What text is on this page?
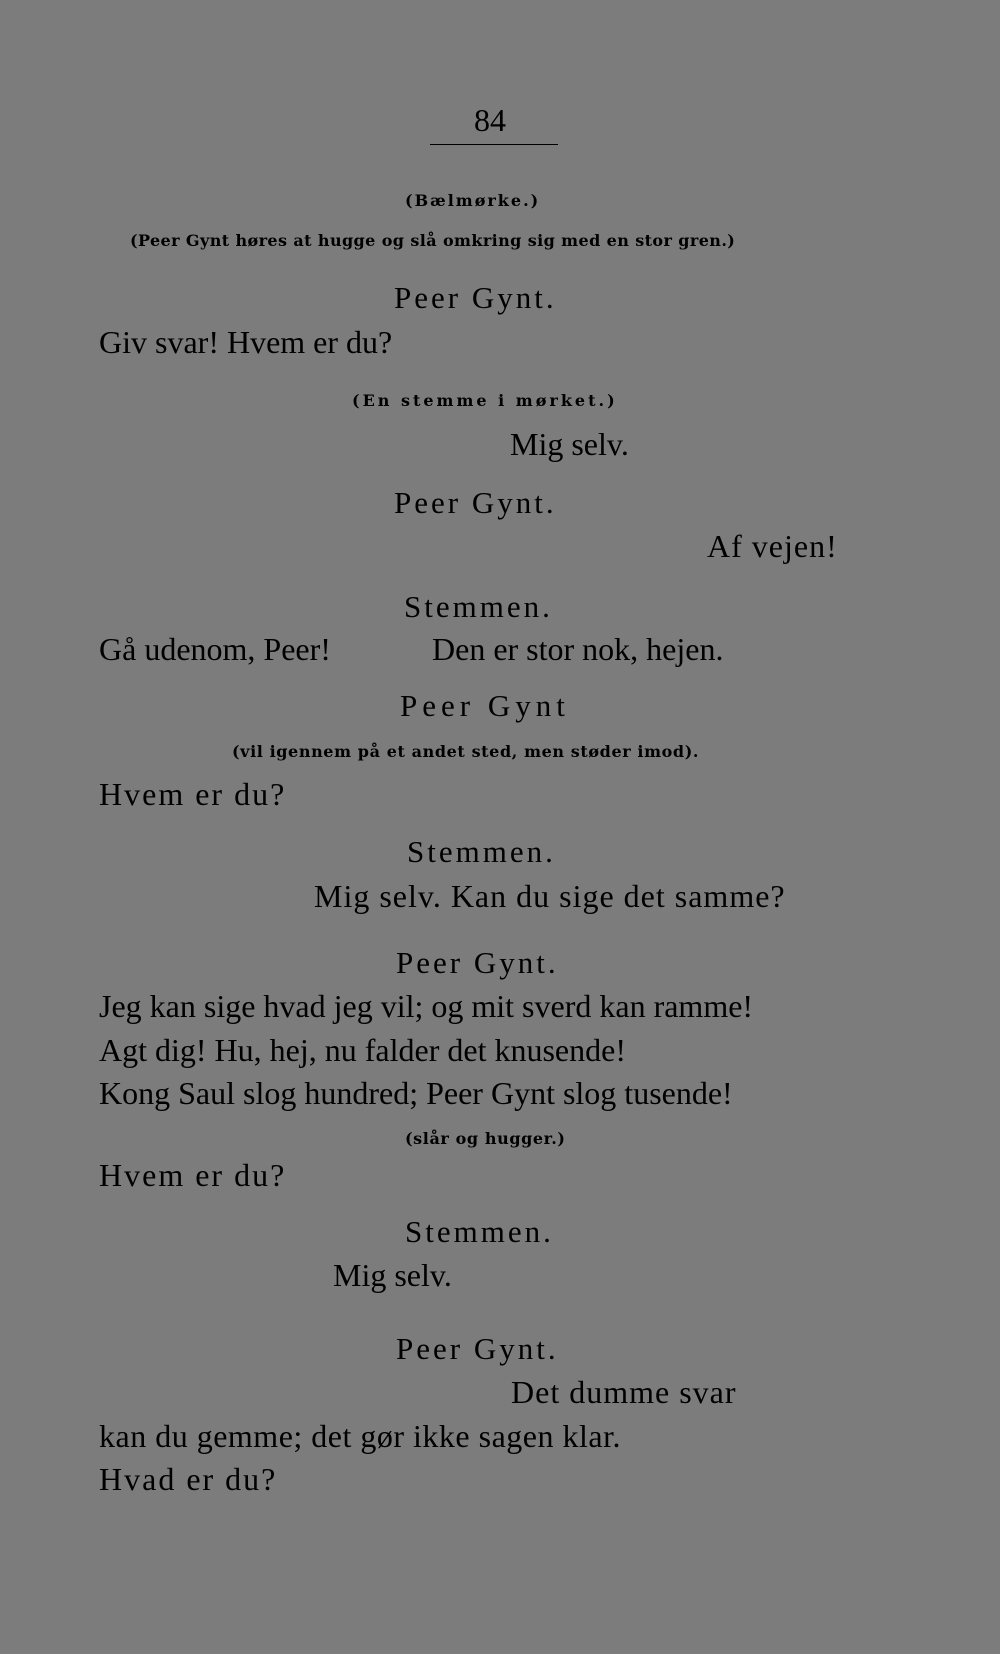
84
(Bælmørke.)
(Peer Gynt høres at hugge og slå omkring sig med en stor gren.)
Peer Gynt.
Giv svar! Hvem er du?
(En stemme i mørket.)
Mig selv.
Peer Gynt.
Af vejen!
Stemmen.
Gå udenom, Peer!	Den er stor nok, hejen.
Peer Gynt
(vil igennem på et andet sted, men støder imod).
Hvem er du?
Stemmen.
Mig selv. Kan du sige det samme?
Peer Gynt.
Jeg kan sige hvad jeg vil; og mit sverd kan ramme!
Agt dig! Hu, hej, nu falder det knusende!
Kong Saul slog hundred; Peer Gynt slog tusende!
(slår og hugger.)
Hvem er du?
Stemmen.
Mig selv.
Peer Gynt.
Det dumme svar
kan du gemme; det gør ikke sagen klar.
Hvad er du?
